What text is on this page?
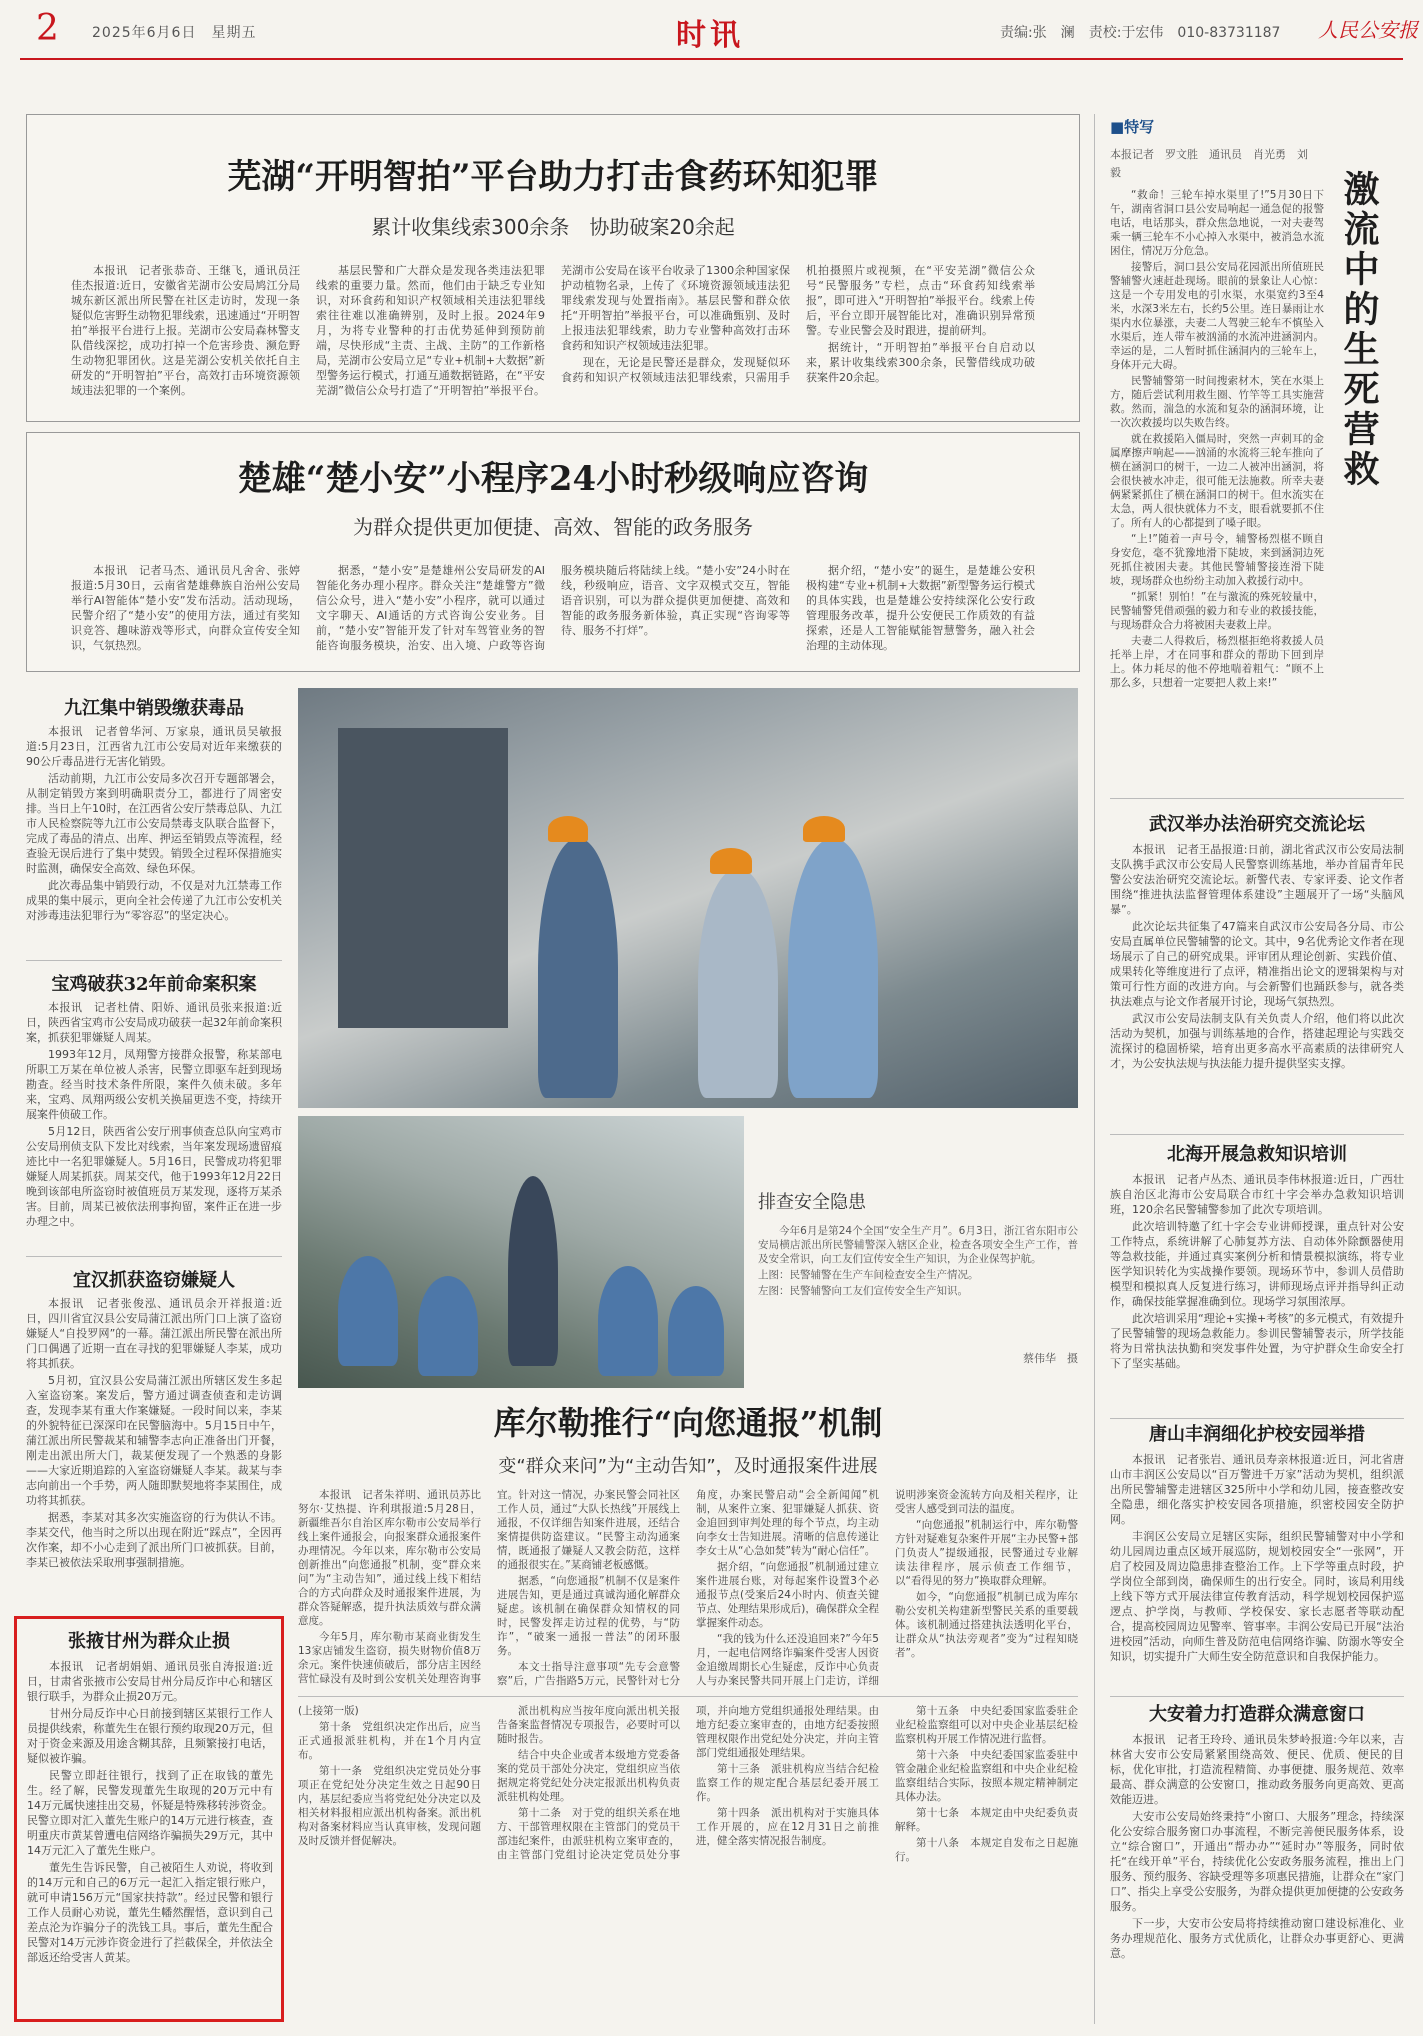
2 2025年6月6日　星期五	时讯	责编:张　澜　责校:于宏伟　010-83731187 人民公安报
芜湖“开明智拍”平台助力打击食药环知犯罪
累计收集线索300余条　协助破案20余起

本报讯　记者张恭奇、王继飞，通讯员汪佳杰报道:近日，安徽省芜湖市公安局鸠江分局城东新区派出所民警在社区走访时，发现一条疑似危害野生动物犯罪线索，迅速通过“开明智拍”举报平台进行上报。芜湖市公安局森林警支队借线深挖，成功打掉一个危害珍贵、濒危野生动物犯罪团伙。这是芜湖公安机关依托自主研发的“开明智拍”平台，高效打击环境资源领域违法犯罪的一个案例。

基层民警和广大群众是发现各类违法犯罪线索的重要力量。然而，他们由于缺乏专业知识，对环食药和知识产权领域相关违法犯罪线索往往难以准确辨别，及时上报。2024年9月，为将专业警种的打击优势延伸到预防前端，尽快形成“主责、主战、主防”的工作新格局，芜湖市公安局立足“专业+机制+大数据”新型警务运行模式，打通互通数据链路，在“平安芜湖”微信公众号打造了“开明智拍”举报平台。芜湖市公安局在该平台收录了1300余种国家保护动植物名录，上传了《环境资源领域违法犯罪线索发现与处置指南》。基层民警和群众依托“开明智拍”举报平台，可以准确甄别、及时上报违法犯罪线索，助力专业警种高效打击环食药和知识产权领域违法犯罪。

现在，无论是民警还是群众，发现疑似环食药和知识产权领域违法犯罪线索，只需用手机拍摄照片或视频，在“平安芜湖”微信公众号“民警服务”专栏，点击“环食药知线索举报”，即可进入“开明智拍”举报平台。线索上传后，平台立即开展智能比对，准确识别异常预警。专业民警会及时跟进，提前研判。

据统计，“开明智拍”举报平台自启动以来，累计收集线索300余条，民警借线成功破获案件20余起。

楚雄“楚小安”小程序24小时秒级响应咨询
为群众提供更加便捷、高效、智能的政务服务

本报讯　记者马杰、通讯员凡舍舍、张婷报道:5月30日，云南省楚雄彝族自治州公安局举行AI智能体“楚小安”发布活动。活动现场，民警介绍了“楚小安”的使用方法，通过有奖知识竞答、趣味游戏等形式，向群众宣传安全知识，气氛热烈。

据悉，“楚小安”是楚雄州公安局研发的AI智能化务办理小程序。群众关注“楚雄警方”微信公众号，进入“楚小安”小程序，就可以通过文字聊天、AI通话的方式咨询公安业务。目前，“楚小安”智能开发了针对车驾管业务的智能咨询服务模块，治安、出入境、户政等咨询服务模块随后将陆续上线。“楚小安”24小时在线，秒级响应，语音、文字双模式交互，智能语音识别，可以为群众提供更加便捷、高效和智能的政务服务新体验，真正实现“咨询零等待、服务不打烊”。

据介绍，“楚小安”的诞生，是楚雄公安积极构建“专业+机制+大数据”新型警务运行模式的具体实践，也是楚雄公安持续深化公安行政管理服务改革，提升公安便民工作质效的有益探索，还是人工智能赋能智慧警务，融入社会治理的主动体现。

九江集中销毁缴获毒品

本报讯　记者曾华河、万家泉，通讯员吴敏报道:5月23日，江西省九江市公安局对近年来缴获的90公斤毒品进行无害化销毁。

活动前期，九江市公安局多次召开专题部署会，从制定销毁方案到明确职责分工，都进行了周密安排。当日上午10时，在江西省公安厅禁毒总队、九江市人民检察院等九江市公安局禁毒支队联合监督下，完成了毒品的清点、出库、押运至销毁点等流程，经查验无误后进行了集中焚毁。销毁全过程环保措施实时监测，确保安全高效、绿色环保。

此次毒品集中销毁行动，不仅是对九江禁毒工作成果的集中展示，更向全社会传递了九江市公安机关对涉毒违法犯罪行为“零容忍”的坚定决心。

宝鸡破获32年前命案积案

本报讯　记者杜倩、阳娇、通讯员张来报道:近日，陕西省宝鸡市公安局成功破获一起32年前命案积案，抓获犯罪嫌疑人周某。

1993年12月，凤翔警方接群众报警，称某部电所职工万某在单位被人杀害，民警立即驱车赶到现场勘查。经当时技术条件所限，案件久侦未破。多年来，宝鸡、凤翔两级公安机关换届更迭不变，持续开展案件侦破工作。

5月12日，陕西省公安厅刑事侦查总队向宝鸡市公安局刑侦支队下发比对线索，当年案发现场遗留痕迹比中一名犯罪嫌疑人。5月16日，民警成功将犯罪嫌疑人周某抓获。周某交代，他于1993年12月22日晚到该部电所盗窃时被值班员万某发现，逐将万某杀害。目前，周某已被依法刑事拘留，案件正在进一步办理之中。

宜汉抓获盗窃嫌疑人

本报讯　记者张俊泓、通讯员余开祥报道:近日，四川省宜汉县公安局蒲江派出所门口上演了盗窃嫌疑人“自投罗网”的一幕。蒲江派出所民警在派出所门口偶遇了近期一直在寻找的犯罪嫌疑人李某，成功将其抓获。

5月初，宜汉县公安局蒲江派出所辖区发生多起入室盗窃案。案发后，警方通过调查侦查和走访调查，发现李某有重大作案嫌疑。一段时间以来，李某的外貌特征已深深印在民警脑海中。5月15日中午，蒲江派出所民警裁某和辅警李志向正准备出门开餐，刚走出派出所大门，裁某便发现了一个熟悉的身影——大家近期追踪的入室盗窃嫌疑人李某。裁某与李志向前出一个手势，两人随即默契地将李某围住，成功将其抓获。

据悉，李某对其多次实施盗窃的行为供认不讳。李某交代，他当时之所以出现在附近“踩点”，全因再次作案，却不小心走到了派出所门口被抓获。目前，李某已被依法采取刑事强制措施。

张掖甘州为群众止损

本报讯　记者胡娟娟、通讯员张自涛报道:近日，甘肃省张掖市公安局甘州分局反诈中心和辖区银行联手，为群众止损20万元。

甘州分局反诈中心日前接到辖区某银行工作人员提供线索，称董先生在银行预约取现20万元，但对于资金来源及用途含糊其辞，且频繁接打电话，疑似被诈骗。

民警立即赶往银行，找到了正在取钱的董先生。经了解，民警发现董先生取现的20万元中有14万元属快速挂出交易，怀疑是特殊移转涉资金。民警立即对汇入董先生账户的14万元进行核查，查明重庆市黄某曾遭电信网络诈骗损失29万元，其中14万元汇入了董先生账户。

董先生告诉民警，自己被陌生人劝说，将收到的14万元和自己的6万元一起汇入指定银行账户，就可申请156万元“国家扶持款”。经过民警和银行工作人员耐心劝说，董先生幡然醒悟，意识到自己差点沦为诈骗分子的洗钱工具。事后，董先生配合民警对14万元涉诈资金进行了拦截保全，并依法全部返还给受害人黄某。

排查安全隐患

今年6月是第24个全国“安全生产月”。6月3日，浙江省东阳市公安局横店派出所民警辅警深入辖区企业，检查各项安全生产工作，普及安全常识，向工友们宣传安全生产知识，为企业保驾护航。

上图：民警辅警在生产车间检查安全生产情况。

左图：民警辅警向工友们宣传安全生产知识。

蔡伟华　摄
库尔勒推行“向您通报”机制
变“群众来问”为“主动告知”，及时通报案件进展

本报讯　记者朱祥明、通讯员苏比努尔·艾热提、许利琪报道:5月28日，新疆维吾尔自治区库尔勒市公安局举行线上案件通报会，向报案群众通报案件办理情况。今年以来，库尔勒市公安局创新推出“向您通报”机制，变“群众来问”为“主动告知”，通过线上线下相结合的方式向群众及时通报案件进展，为群众答疑解惑，提升执法质效与群众满意度。

今年5月，库尔勒市某商业街发生13家店铺发生盗窃，损失财物价值8万余元。案件快速侦破后，部分店主因经营忙碌没有及时到公安机关处理咨询事宜。针对这一情况，办案民警会同社区工作人员，通过“大队长热线”开展线上通报，不仅详细告知案件进展，还结合案情提供防盗建议。“民警主动沟通案情，既通报了嫌疑人又教会防范，这样的通报很实在。”某商铺老板感慨。

据悉，“向您通报”机制不仅是案件进展告知，更是通过真诚沟通化解群众疑虑。该机制在确保群众知情权的同时，民警发挥走访过程的优势，与“防诈”，“破案一通报一普法”的闭环服务。

本文士指导注意事项“先专会意警察”后，广告指路5万元，民警针对七分角度，办案民警启动“会全新闻闻”机制，从案件立案、犯罪嫌疑人抓获、资金追回到审判处理的每个节点，均主动向李女士告知进展。清晰的信息传递让李女士从“心急如焚”转为“耐心信任”。

据介绍，“向您通报”机制通过建立案件进展台账，对每起案件设置3个必通报节点(受案后24小时内、侦查关键节点、处理结果形成后)，确保群众全程掌握案件动态。

“我的钱为什么还没追回来?”今年5月，一起电信网络诈骗案件受害人因资金追缴周期长心生疑虑，反诈中心负责人与办案民警共同开展上门走访，详细说明涉案资金流转方向及相关程序，让受害人感受到司法的温度。

“向您通报”机制运行中，库尔勒警方针对疑难复杂案件开展“主办民警+部门负责人”提级通报，民警通过专业解读法律程序，展示侦查工作细节，以“看得见的努力”换取群众理解。

如今，“向您通报”机制已成为库尔勒公安机关构建新型警民关系的重要载体。该机制通过搭建执法透明化平台，让群众从“执法旁观者”变为“过程知晓者”。

(上接第一版)

第十条　党组织决定作出后，应当正式通报派驻机构，并在1个月内宣布。

第十一条　党组织决定党员处分事项正在党纪处分决定生效之日起90日内，基层纪委应当将党纪处分决定以及相关材料报相应派出机构备案。派出机构对备案材料应当认真审核，发现问题及时反馈并督促解决。

派出机构应当按年度向派出机关报告备案监督情况专项报告，必要时可以随时报告。

结合中央企业或者本级地方党委备案的党员干部处分决定，党组织应当依据规定将党纪处分决定报派出机构负责派驻机构处理。

第十二条　对于党的组织关系在地方、干部管理权限在主管部门的党员干部违纪案件，由派驻机构立案审查的，由主管部门党组讨论决定党员处分事项，并向地方党组织通报处理结果。由地方纪委立案审查的，由地方纪委按照管理权限作出党纪处分决定，并向主管部门党组通报处理结果。

第十三条　派驻机构应当结合纪检监察工作的规定配合基层纪委开展工作。

第十四条　派出机构对于实施具体工作开展的，应在12月31日之前推进，健全落实情况报告制度。

第十五条　中央纪委国家监委驻企业纪检监察组可以对中央企业基层纪检监察机构开展工作情况进行监督。

第十六条　中央纪委国家监委驻中管金融企业纪检监察组和中央企业纪检监察组结合实际，按照本规定精神制定具体办法。

第十七条　本规定由中央纪委负责解释。

第十八条　本规定自发布之日起施行。

■特写
本报记者　罗文胜　通讯员　肖光勇　刘　毅	激流中的生死营救

“救命！三轮车掉水渠里了!”5月30日下午，湖南省洞口县公安局响起一通急促的报警电话，电话那头，群众焦急地说，一对夫妻驾乘一辆三轮车不小心掉入水渠中，被消急水流困住，情况万分危急。

接警后，洞口县公安局花园派出所值班民警辅警火速赶赴现场。眼前的景象让人心惊：这是一个专用发电的引水渠，水渠宽约3至4米，水深3米左右，长约5公里。连日暴雨让水渠内水位暴涨，夫妻二人驾驶三轮车不慎坠入水渠后，连人带车被汹涌的水流冲进涵洞内。幸运的是，二人暂时抓住涵洞内的三轮车上，身体开元大碍。

民警辅警第一时间搜索材木，笑在水渠上方，随后尝试利用救生圈、竹竿等工具实施营救。然而，湍急的水流和复杂的涵洞环境，让一次次救援均以失败告终。

就在救援陷入僵局时，突然一声刺耳的金属摩擦声响起——汹涌的水流将三轮车推向了横在涵洞口的树干，一边二人被冲出涵洞，将会很快被水冲走，很可能无法施救。所幸夫妻俩紧紧抓住了横在涵洞口的树干。但水流实在太急，两人很快就体力不支，眼看就要抓不住了。所有人的心都提到了嗓子眼。

“上!”随着一声号令，辅警杨烈椹不顾自身安危，毫不犹豫地滑下陡坡，来到涵洞边死死抓住被困夫妻。其他民警辅警接连滑下陡坡，现场群众也纷纷主动加入救援行动中。

“抓紧！别怕！”在与激流的殊死较量中，民警辅警凭借顽强的毅力和专业的救援技能，与现场群众合力将被困夫妻救上岸。

夫妻二人得救后，杨烈椹拒绝将救援人员托举上岸，才在同事和群众的帮助下回到岸上。体力耗尽的他不停地喘着粗气：“顾不上那么多，只想着一定要把人救上来!”

武汉举办法治研究交流论坛

本报讯　记者王晶报道:日前，湖北省武汉市公安局法制支队携手武汉市公安局人民警察训练基地，举办首届青年民警公安法治研究交流论坛。新警代表、专家评委、论文作者围绕“推进执法监督管理体系建设”主题展开了一场“头脑风暴”。

此次论坛共征集了47篇来自武汉市公安局各分局、市公安局直属单位民警辅警的论文。其中，9名优秀论文作者在现场展示了自己的研究成果。评审团从理论创新、实践价值、成果转化等维度进行了点评，精准指出论文的逻辑架构与对策可行性方面的改进方向。与会新警们也踊跃参与，就各类执法难点与论文作者展开讨论，现场气氛热烈。

武汉市公安局法制支队有关负责人介绍，他们将以此次活动为契机，加强与训练基地的合作，搭建起理论与实践交流探讨的稳固桥梁，培育出更多高水平高素质的法律研究人才，为公安执法规与执法能力提升提供坚实支撑。

北海开展急救知识培训

本报讯　记者卢丛杰、通讯员李伟林报道:近日，广西壮族自治区北海市公安局联合市红十字会举办急救知识培训班，120余名民警辅警参加了此次专项培训。

此次培训特邀了红十字会专业讲师授课，重点针对公安工作特点，系统讲解了心肺复苏方法、自动体外除颤器使用等急救技能，并通过真实案例分析和情景模拟演练，将专业医学知识转化为实战操作要领。现场环节中，参训人员借助模型和模拟真人反复进行练习，讲师现场点评并指导纠正动作，确保技能掌握准确到位。现场学习氛围浓厚。

此次培训采用“理论+实操+考核”的多元模式，有效提升了民警辅警的现场急救能力。参训民警辅警表示，所学技能将为日常执法执勤和突发事件处置，为守护群众生命安全打下了坚实基础。

唐山丰润细化护校安园举措

本报讯　记者张岩、通讯员寿亲林报道:近日，河北省唐山市丰润区公安局以“百万警进千万家”活动为契机，组织派出所民警辅警走进辖区325所中小学和幼儿园，接查整改安全隐患，细化落实护校安园各项措施，织密校园安全防护网。

丰润区公安局立足辖区实际，组织民警辅警对中小学和幼儿园周边重点区域开展巡防，规划校园安全“一张网”，开启了校园及周边隐患排查整治工作。上下学等重点时段，护学岗位全部到岗，确保师生的出行安全。同时，该局利用线上线下等方式开展法律宣传教育活动，科学规划校园保护巡逻点、护学岗，与教师、学校保安、家长志愿者等联动配合，提高校园周边见警率、管事率。丰润公安局已开展“法治进校园”活动，向师生普及防范电信网络诈骗、防溺水等安全知识，切实提升广大师生安全防范意识和自我保护能力。

大安着力打造群众满意窗口

本报讯　记者王玲玲、通讯员朱梦岭报道:今年以来，吉林省大安市公安局紧紧围绕高效、便民、优质、便民的目标，优化审批，打造流程精简、办事便捷、服务规范、效率最高、群众满意的公安窗口，推动政务服务向更高效、更高效能迈进。

大安市公安局始终秉持“小窗口、大服务”理念，持续深化公安综合服务窗口办事流程，不断完善便民服务体系，设立“综合窗口”，开通出“帮办办”“延时办”等服务，同时依托“在线开单”平台，持续优化公安政务服务流程，推出上门服务、预约服务、容缺受理等多项惠民措施，让群众在“家门口”、指尖上享受公安服务，为群众提供更加便捷的公安政务服务。

下一步，大安市公安局将持续推动窗口建设标准化、业务办理规范化、服务方式优质化，让群众办事更舒心、更满意。
